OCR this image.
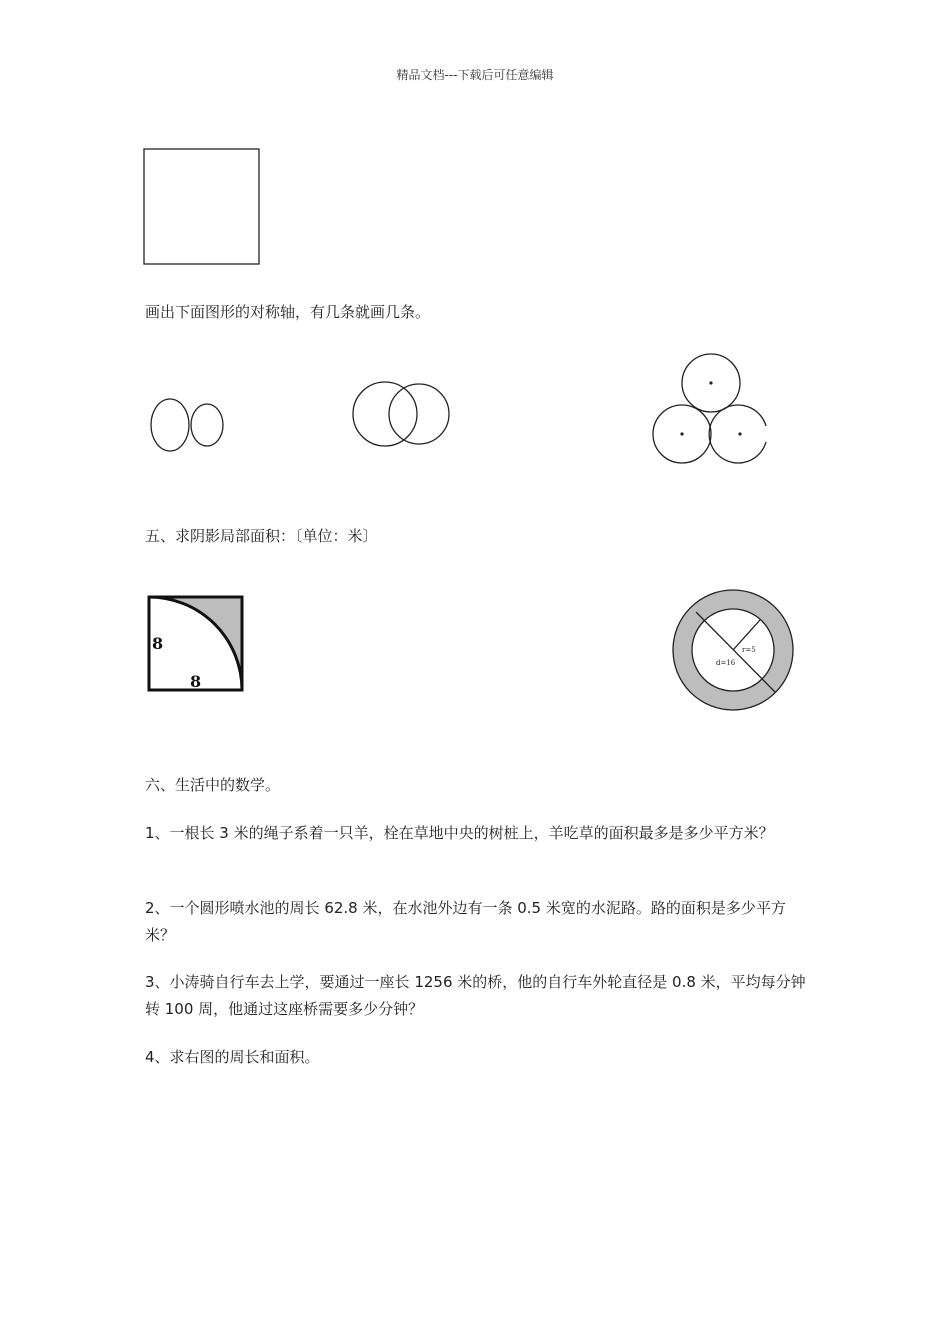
精品文档---下载后可任意编辑
画出下面图形的对称轴，有几条就画几条。
五、求阴影局部面积：〔单位：米〕
8
8
r=5
d=16
六、生活中的数学。
1、一根长 3 米的绳子系着一只羊，栓在草地中央的树桩上，羊吃草的面积最多是多少平方米？
2、一个圆形喷水池的周长 62.8 米，在水池外边有一条 0.5 米宽的水泥路。路的面积是多少平方米？
3、小涛骑自行车去上学，要通过一座长 1256 米的桥，他的自行车外轮直径是 0.8 米，平均每分钟转 100 周，他通过这座桥需要多少分钟？
4、求右图的周长和面积。
